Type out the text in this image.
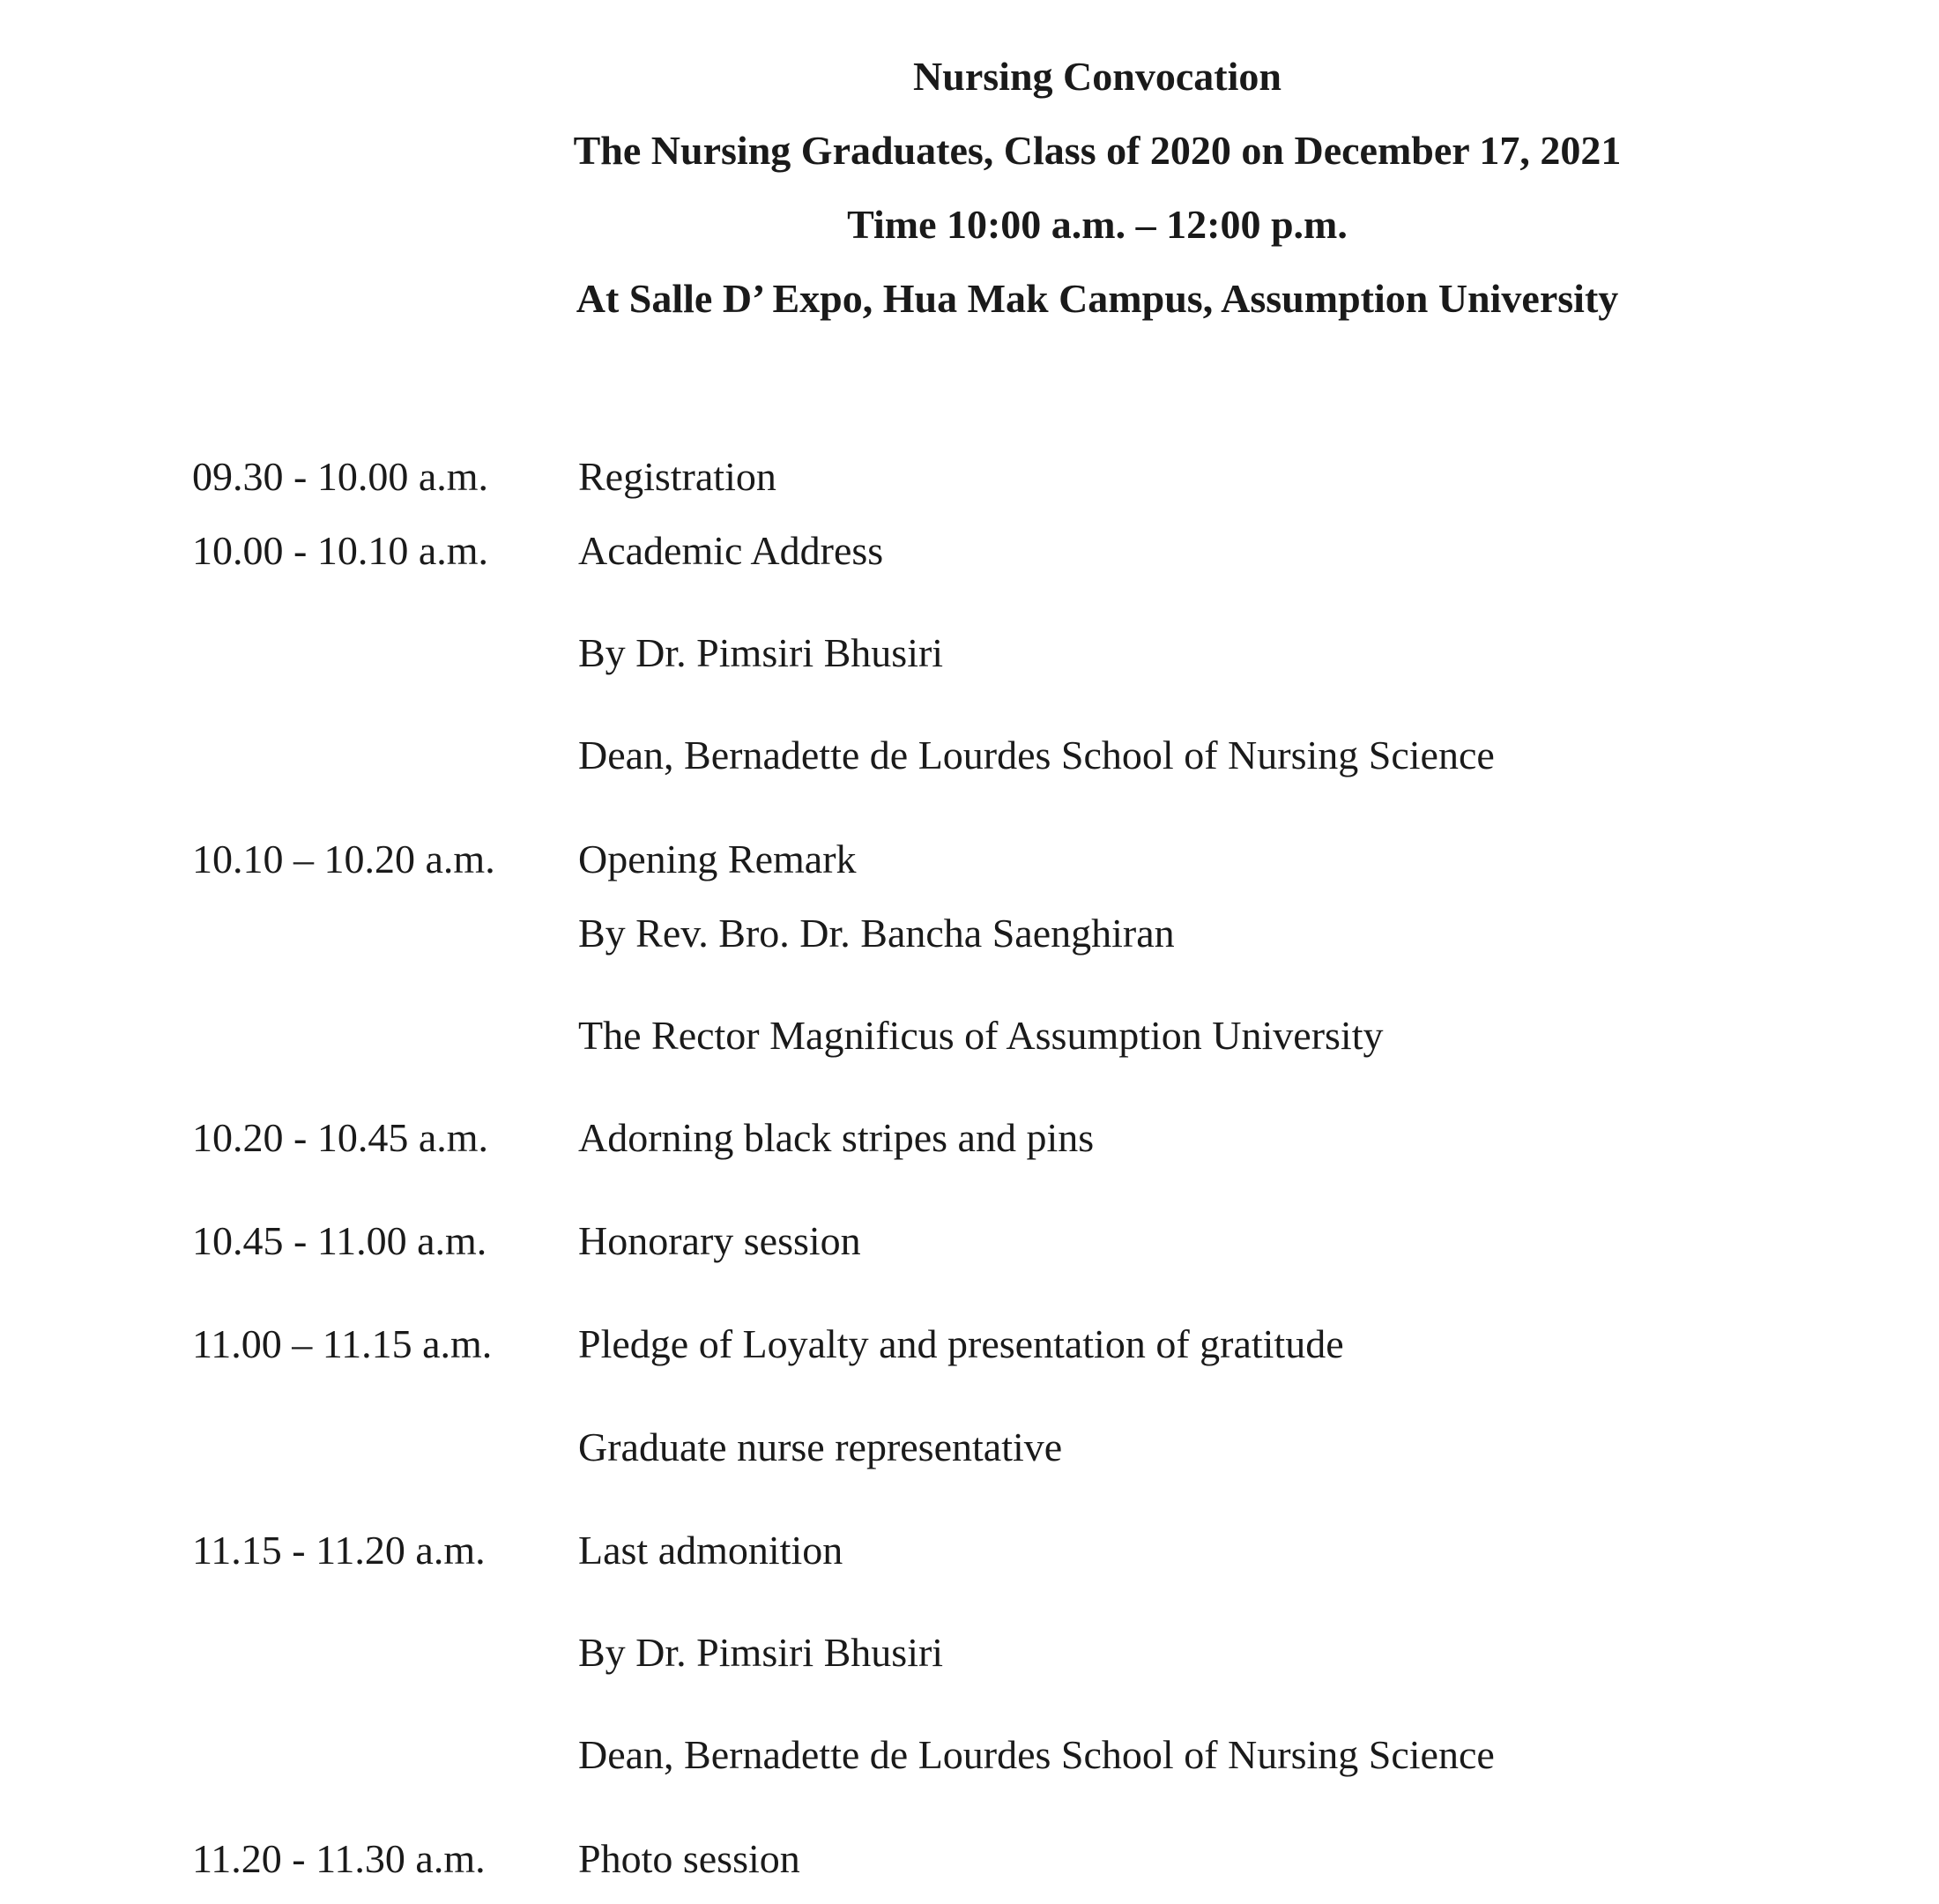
Nursing Convocation
The Nursing Graduates, Class of 2020 on December 17, 2021
Time 10:00 a.m. – 12:00 p.m.
At Salle D’ Expo, Hua Mak Campus, Assumption University
09.30 - 10.00 a.m. Registration
10.00 - 10.10 a.m. Academic Address
By Dr. Pimsiri Bhusiri
Dean, Bernadette de Lourdes School of Nursing Science
10.10 – 10.20 a.m. Opening Remark
By Rev. Bro. Dr. Bancha Saenghiran
The Rector Magnificus of Assumption University
10.20 - 10.45 a.m. Adorning black stripes and pins
10.45 - 11.00 a.m. Honorary session
11.00 – 11.15 a.m. Pledge of Loyalty and presentation of gratitude
Graduate nurse representative
11.15 - 11.20 a.m. Last admonition
By Dr. Pimsiri Bhusiri
Dean, Bernadette de Lourdes School of Nursing Science
11.20 - 11.30 a.m. Photo session
